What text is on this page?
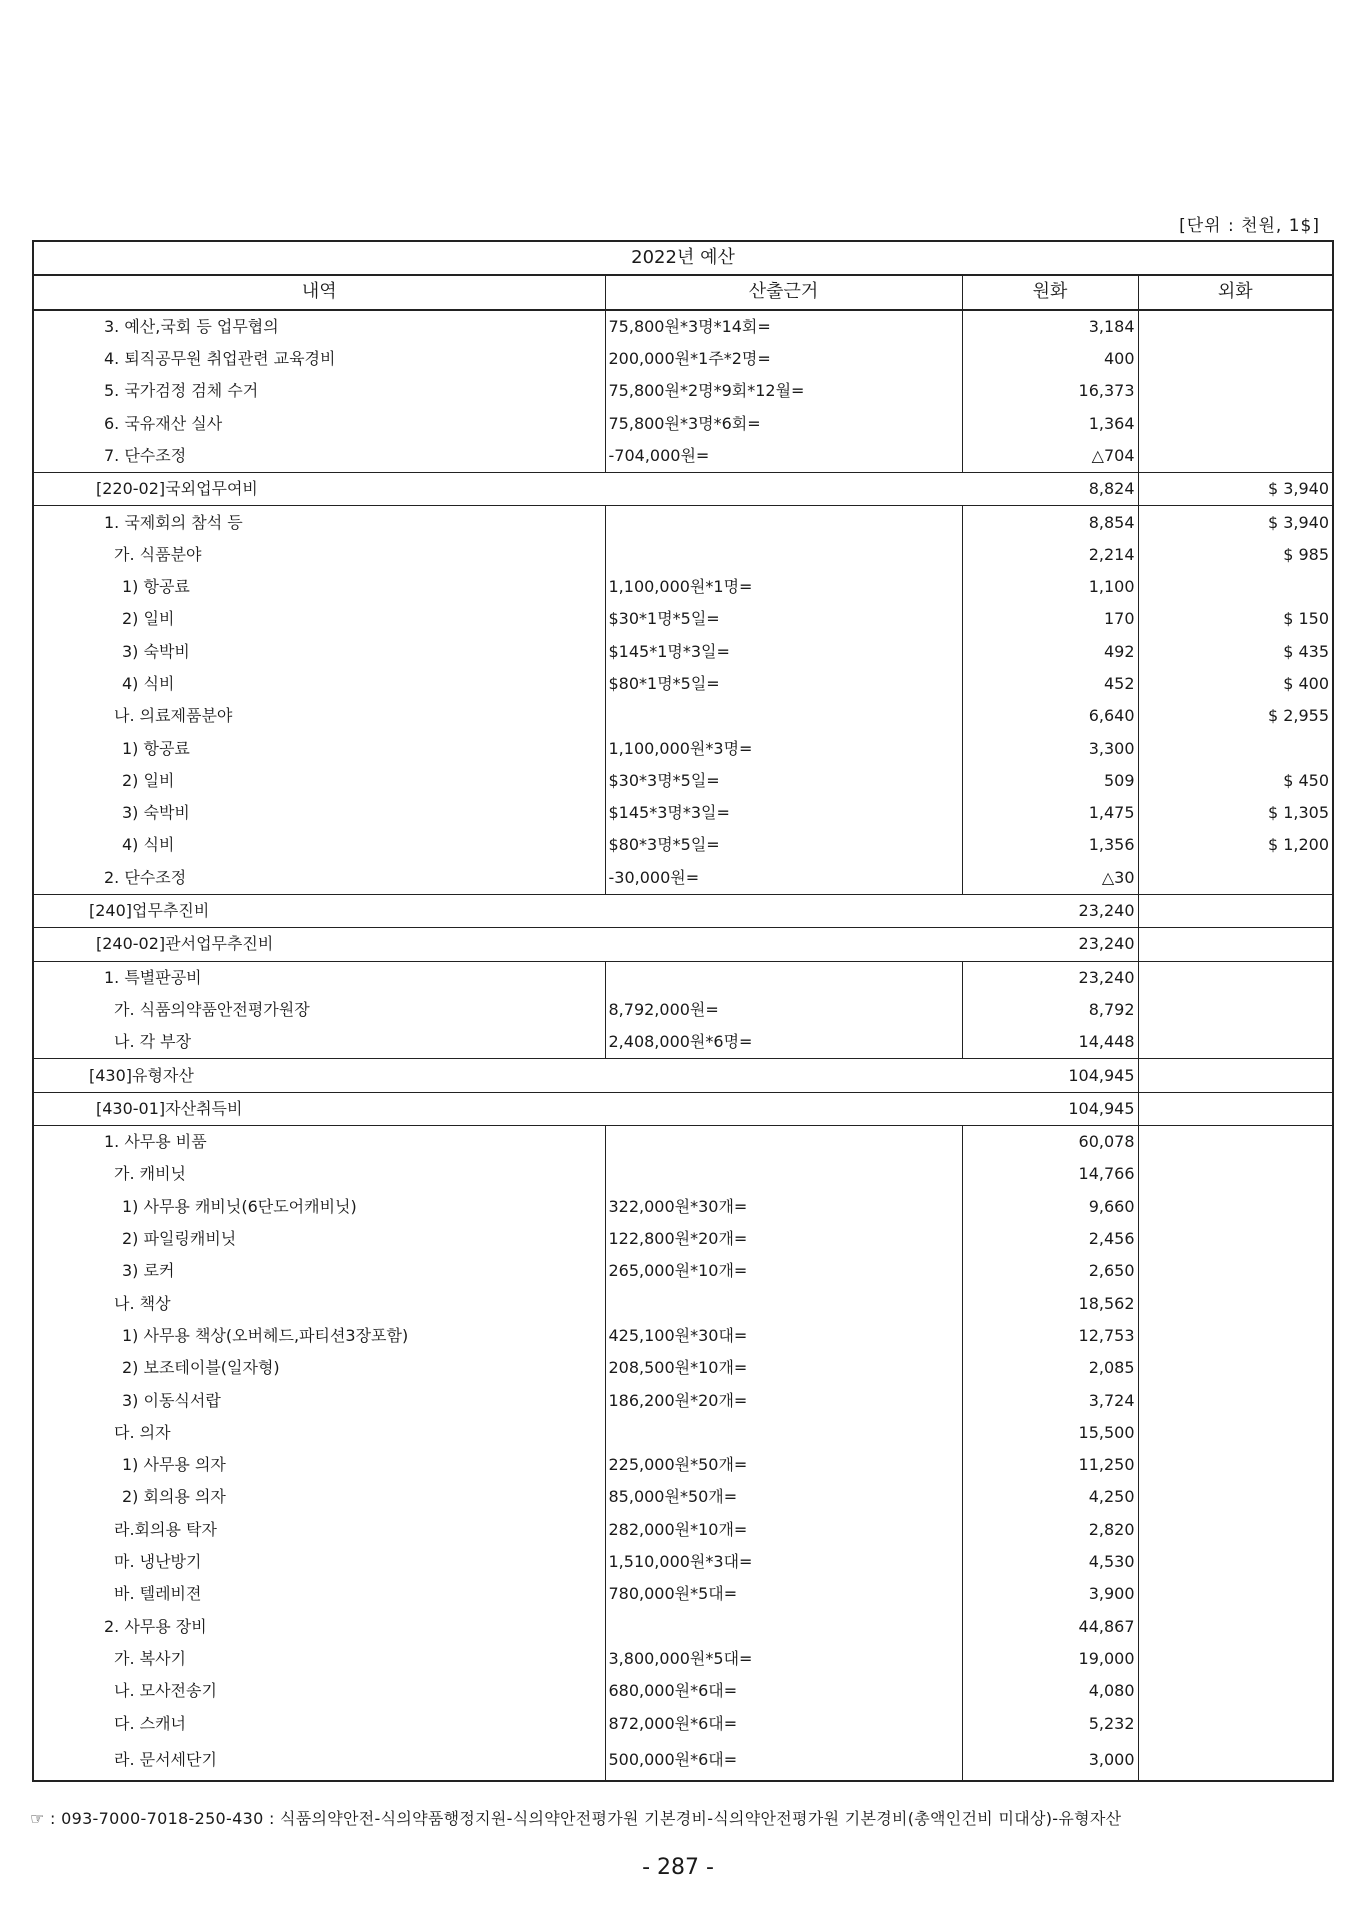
[단위 : 천원, 1$]
2022년 예산			
내역	산출근거	원화	외화
3. 예산,국회 등 업무협의	75,800원*3명*14회=	3,184	
4. 퇴직공무원 취업관련 교육경비	200,000원*1주*2명=	400	
5. 국가검정 검체 수거	75,800원*2명*9회*12월=	16,373	
6. 국유재산 실사	75,800원*3명*6회=	1,364	
7. 단수조정	-704,000원=	△704	
[220-02]국외업무여비		8,824	$ 3,940
1. 국제회의 참석 등		8,854	$ 3,940
가. 식품분야		2,214	$ 985
1) 항공료	1,100,000원*1명=	1,100	
2) 일비	$30*1명*5일=	170	$ 150
3) 숙박비	$145*1명*3일=	492	$ 435
4) 식비	$80*1명*5일=	452	$ 400
나. 의료제품분야		6,640	$ 2,955
1) 항공료	1,100,000원*3명=	3,300	
2) 일비	$30*3명*5일=	509	$ 450
3) 숙박비	$145*3명*3일=	1,475	$ 1,305
4) 식비	$80*3명*5일=	1,356	$ 1,200
2. 단수조정	-30,000원=	△30	
[240]업무추진비		23,240	
[240-02]관서업무추진비		23,240	
1. 특별판공비		23,240	
가. 식품의약품안전평가원장	8,792,000원=	8,792	
나. 각 부장	2,408,000원*6명=	14,448	
[430]유형자산		104,945	
[430-01]자산취득비		104,945	
1. 사무용 비품		60,078	
가. 캐비닛		14,766	
1) 사무용 캐비닛(6단도어캐비닛)	322,000원*30개=	9,660	
2) 파일링캐비닛	122,800원*20개=	2,456	
3) 로커	265,000원*10개=	2,650	
나. 책상		18,562	
1) 사무용 책상(오버헤드,파티션3장포함)	425,100원*30대=	12,753	
2) 보조테이블(일자형)	208,500원*10개=	2,085	
3) 이동식서랍	186,200원*20개=	3,724	
다. 의자		15,500	
1) 사무용 의자	225,000원*50개=	11,250	
2) 회의용 의자	85,000원*50개=	4,250	
라.회의용 탁자	282,000원*10개=	2,820	
마. 냉난방기	1,510,000원*3대=	4,530	
바. 텔레비젼	780,000원*5대=	3,900	
2. 사무용 장비		44,867	
가. 복사기	3,800,000원*5대=	19,000	
나. 모사전송기	680,000원*6대=	4,080	
다. 스캐너	872,000원*6대=	5,232	
라. 문서세단기	500,000원*6대=	3,000	
☞ : 093-7000-7018-250-430 : 식품의약안전-식의약품행정지원-식의약안전평가원 기본경비-식의약안전평가원 기본경비(총액인건비 미대상)-유형자산
- 287 -
